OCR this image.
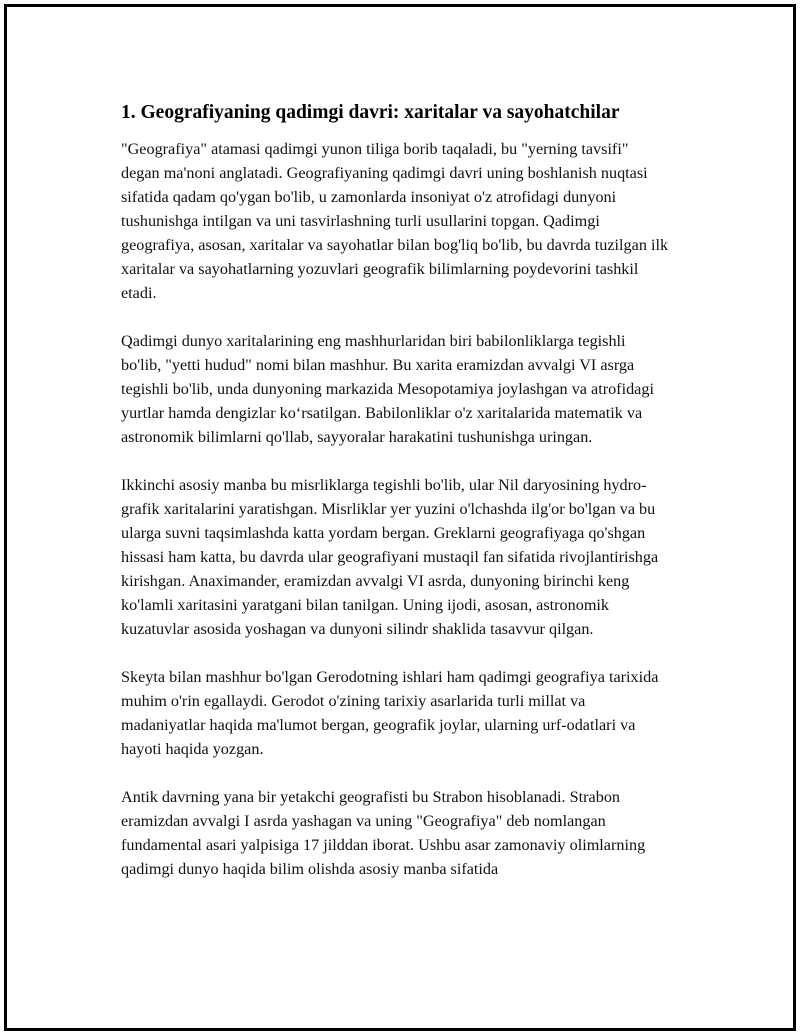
1. Geografiyaning qadimgi davri: xaritalar va sayohatchilar

"Geografiya" atamasi qadimgi yunon tiliga borib taqaladi, bu "yerning tavsifi" degan ma'noni anglatadi. Geografiyaning qadimgi davri uning boshlanish nuqtasi sifatida qadam qo'ygan bo'lib, u zamonlarda insoniyat o'z atrofidagi dunyoni tushunishga intilgan va uni tasvirlashning turli usullarini topgan. Qadimgi geografiya, asosan, xaritalar va sayohatlar bilan bog'liq bo'lib, bu davrda tuzilgan ilk xaritalar va sayohatlarning yozuvlari geografik bilimlarning poydevorini tashkil etadi.

Qadimgi dunyo xaritalarining eng mashhurlaridan biri babilonliklarga tegishli bo'lib, "yetti hudud" nomi bilan mashhur. Bu xarita eramizdan avvalgi VI asrga tegishli bo'lib, unda dunyoning markazida Mesopotamiya joylashgan va atrofidagi yurtlar hamda dengizlar ko‘rsatilgan. Babilonliklar o'z xaritalarida matematik va astronomik bilimlarni qo'llab, sayyoralar harakatini tushunishga uringan.

Ikkinchi asosiy manba bu misrliklarga tegishli bo'lib, ular Nil daryosining hydro-grafik xaritalarini yaratishgan. Misrliklar yer yuzini o'lchashda ilg'or bo'lgan va bu ularga suvni taqsimlashda katta yordam bergan. Greklarni geografiyaga qo'shgan hissasi ham katta, bu davrda ular geografiyani mustaqil fan sifatida rivojlantirishga kirishgan. Anaximander, eramizdan avvalgi VI asrda, dunyoning birinchi keng ko'lamli xaritasini yaratgani bilan tanilgan. Uning ijodi, asosan, astronomik kuzatuvlar asosida yoshagan va dunyoni silindr shaklida tasavvur qilgan.

Skeyta bilan mashhur bo'lgan Gerodotning ishlari ham qadimgi geografiya tarixida muhim o'rin egallaydi. Gerodot o'zining tarixiy asarlarida turli millat va madaniyatlar haqida ma'lumot bergan, geografik joylar, ularning urf-odatlari va hayoti haqida yozgan.

Antik davrning yana bir yetakchi geografisti bu Strabon hisoblanadi. Strabon eramizdan avvalgi I asrda yashagan va uning "Geografiya" deb nomlangan fundamental asari yalpisiga 17 jilddan iborat. Ushbu asar zamonaviy olimlarning qadimgi dunyo haqida bilim olishda asosiy manba sifatida
